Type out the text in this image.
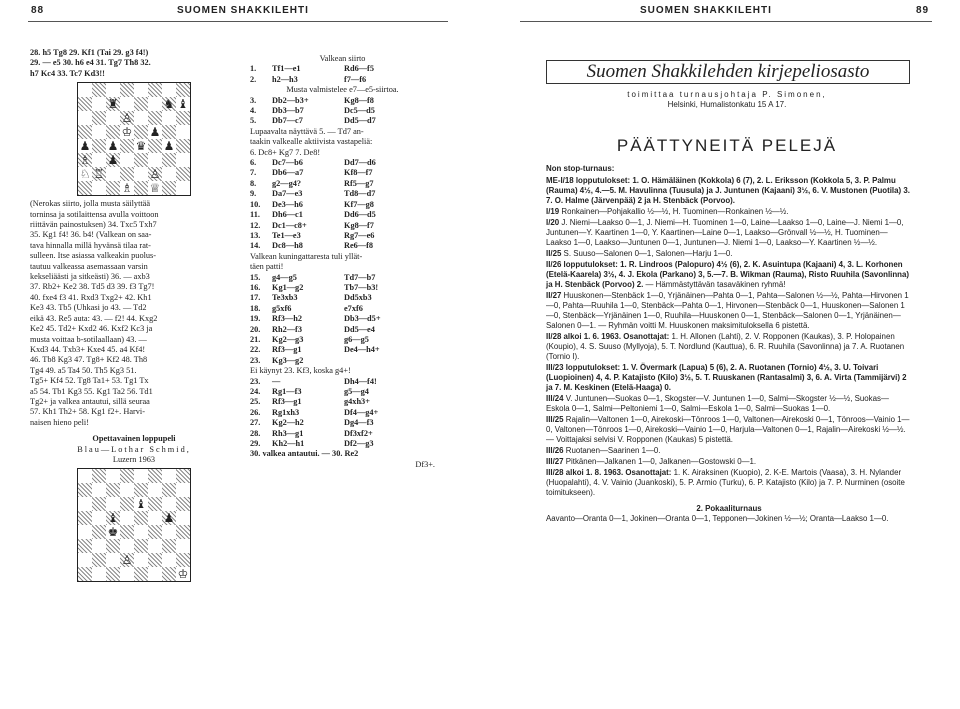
88	SUOMEN SHAKKILEHTI

28. h5 Tg8 29. Kf1 (Tai 29. g3 f4!)

29. — e5 30. h6 e4 31. Tg7 Th8 32.

h7 Kc4 33. Tc7 Kd3!!

♜	♞ ♝
♙
♔ ♟
♟ ♟ ♛ ♟
♗ ♟
♘ ♖	♙
♗ ♕

(Nerokas siirto, jolla musta säilyttää

torninsa ja sotilaittensa avulla voittoon

riittävän painostuksen) 34. Txc5 Txh7

35. Kg1 f4! 36. b4! (Valkean on saa-

tava hinnalla millä hyvänsä tilaa rat-

sulleen. Itse asiassa valkeakin puolus-

tautuu valkeassa asemassaan varsin

kekseliäästi ja sitkeästi) 36. — axb3

37. Rb2+ Ke2 38. Td5 d3 39. f3 Tg7!

40. fxe4 f3 41. Rxd3 Txg2+ 42. Kh1

Ke3 43. Tb5 (Uhkasi jo 43. — Td2

eikä 43. Re5 auta: 43. — f2! 44. Kxg2

Ke2 45. Td2+ Kxd2 46. Kxf2 Kc3 ja

musta voittaa b-sotilaallaan) 43. —

Kxd3 44. Txb3+ Kxe4 45. a4 Kf4!

46. Tb8 Kg3 47. Tg8+ Kf2 48. Th8

Tg4 49. a5 Ta4 50. Th5 Kg3 51.

Tg5+ Kf4 52. Tg8 Ta1+ 53. Tg1 Tx

a5 54. Tb1 Kg3 55. Kg1 Ta2 56. Td1

Tg2+ ja valkea antautui, sillä seuraa

57. Kh1 Th2+ 58. Kg1 f2+. Harvi-

naisen hieno peli!

Opettavainen loppupeli

Blau—Lothar Schmid,

Luzern 1963

♝
♝	♟
♚
♙
♔

Valkean siirto

1.	Tf1—e1	Rd6—f5
2.	h2—h3	f7—f6

Musta valmistelee e7—e5-siirtoa.

3.	Db2—b3+	Kg8—f8
4.	Db3—b7	Dc5—d5
5.	Db7—c7	Dd5—d7

Lupaavalta näyttävä 5. — Td7 an-

taakin valkealle aktiivista vastapeliä:

6. Dc8+ Kg7 7. De8!

6.	Dc7—b6	Dd7—d6
7.	Db6—a7	Kf8—f7
8.	g2—g4?	Rf5—g7
9.	Da7—e3	Td8—d7
10.	De3—h6	Kf7—g8
11.	Dh6—c1	Dd6—d5
12.	Dc1—c8+	Kg8—f7
13.	Te1—e3	Rg7—e6
14.	Dc8—h8	Re6—f8

Valkean kuningattaresta tuli yllät-

täen patti!

15.	g4—g5	Td7—b7
16.	Kg1—g2	Tb7—b3!
17.	Te3xb3	Dd5xb3
18.	g5xf6	e7xf6
19.	Rf3—h2	Db3—d5+
20.	Rh2—f3	Dd5—e4
21.	Kg2—g3	g6—g5
22.	Rf3—g1	De4—h4+
23.	Kg3—g2	

Ei käynyt 23. Kf3, koska g4+!

23.	—	Dh4—f4!
24.	Rg1—f3	g5—g4
25.	Rf3—g1	g4xh3+
26.	Rg1xh3	Df4—g4+
27.	Kg2—h2	Dg4—f3
28.	Rh3—g1	Df3xf2+
29.	Kh2—h1	Df2—g3

30. valkea antautui. — 30. Re2

Df3+.

SUOMEN SHAKKILEHTI	89
Suomen Shakkilehden kirjepeliosasto
toimittaa turnausjohtaja P. Simonen,
Helsinki, Humalistonkatu 15 A 17.
PÄÄTTYNEITÄ PELEJÄ

Non stop-turnaus:

ME-I/18 lopputulokset: 1. O. Hämäläinen (Kokkola) 6 (7), 2. L. Eriksson (Kokkola 5, 3. P. Palmu (Rauma) 4½, 4.—5. M. Havulinna (Tuusula) ja J. Juntunen (Kajaani) 3½, 6. V. Mustonen (Puotila) 3. 7. O. Halme (Järvenpää) 2 ja H. Stenbäck (Porvoo).

I/19 Ronkainen—Pohjakallio ½—½, H. Tuominen—Ronkainen ½—½.

I/20 J. Niemi—Laakso 0—1, J. Niemi—H. Tuominen 1—0, Laine—Laakso 1—0, Laine—J. Niemi 1—0, Juntunen—Y. Kaartinen 1—0, Y. Kaartinen—Laine 0—1, Laakso—Grönvall ½—½, H. Tuominen—Laakso 1—0, Laakso—Juntunen 0—1, Juntunen—J. Niemi 1—0, Laakso—Y. Kaartinen ½—½.

II/25 S. Suuso—Salonen 0—1, Salonen—Harju 1—0.

II/26 lopputulokset: 1. R. Lindroos (Palopuro) 4½ (6), 2. K. Asuintupa (Kajaani) 4, 3. L. Korhonen (Etelä-Kaarela) 3½, 4. J. Ekola (Parkano) 3, 5.—7. B. Wikman (Rauma), Risto Ruuhila (Savonlinna) ja H. Stenbäck (Porvoo) 2. — Hämmästyttävän tasaväkinen ryhmä!

II/27 Huuskonen—Stenbäck 1—0, Yrjänäinen—Pahta 0—1, Pahta—Salonen ½—½, Pahta—Hirvonen 1—0, Pahta—Ruuhila 1—0, Stenbäck—Pahta 0—1, Hirvonen—Stenbäck 0—1, Huuskonen—Salonen 1—0, Stenbäck—Yrjänäinen 1—0, Ruuhila—Huuskonen 0—1, Stenbäck—Salonen 0—1, Yrjänäinen—Salonen 0—1. — Ryhmän voitti M. Huuskonen maksimituloksella 6 pistettä.

II/28 alkoi 1. 6. 1963. Osanottajat: 1. H. Allonen (Lahti), 2. V. Ropponen (Kaukas), 3. P. Holopainen (Koupio), 4. S. Suuso (Myllyoja), 5. T. Nordlund (Kauttua), 6. R. Ruuhila (Savonlinna) ja 7. A. Ruotanen (Tornio I).

III/23 lopputulokset: 1. V. Övermark (Lapua) 5 (6), 2. A. Ruotanen (Tornio) 4½, 3. U. Toivari (Luopioinen) 4, 4. P. Katajisto (Kilo) 3½, 5. T. Ruuskanen (Rantasalmi) 3, 6. A. Virta (Tammijärvi) 2 ja 7. M. Keskinen (Etelä-Haaga) 0.

III/24 V. Juntunen—Suokas 0—1, Skogster—V. Juntunen 1—0, Salmi—Skogster ½—½, Suokas—Eskola 0—1, Salmi—Peltoniemi 1—0, Salmi—Eskola 1—0, Salmi—Suokas 1—0.

III/25 Rajalin—Valtonen 1—0, Airekoski—Tönroos 1—0, Valtonen—Airekoski 0—1, Tönroos—Vainio 1—0, Valtonen—Tönroos 1—0, Airekoski—Vainio 1—0, Harjula—Valtonen 0—1, Rajalin—Airekoski ½—½. — Voittajaksi selvisi V. Ropponen (Kaukas) 5 pistettä.

III/26 Ruotanen—Saarinen 1—0.

III/27 Pitkänen—Jalkanen 1—0, Jalkanen—Gostowski 0—1.

III/28 alkoi 1. 8. 1963. Osanottajat: 1. K. Airaksinen (Kuopio), 2. K-E. Martois (Vaasa), 3. H. Nylander (Huopalahti), 4. V. Vainio (Juankoski), 5. P. Armio (Turku), 6. P. Katajisto (Kilo) ja 7. P. Nurminen (osoite toimitukseen).

2. Pokaaliturnaus

Aavanto—Oranta 0—1, Jokinen—Oranta 0—1, Tepponen—Jokinen ½—½; Oranta—Laakso 1—0.
